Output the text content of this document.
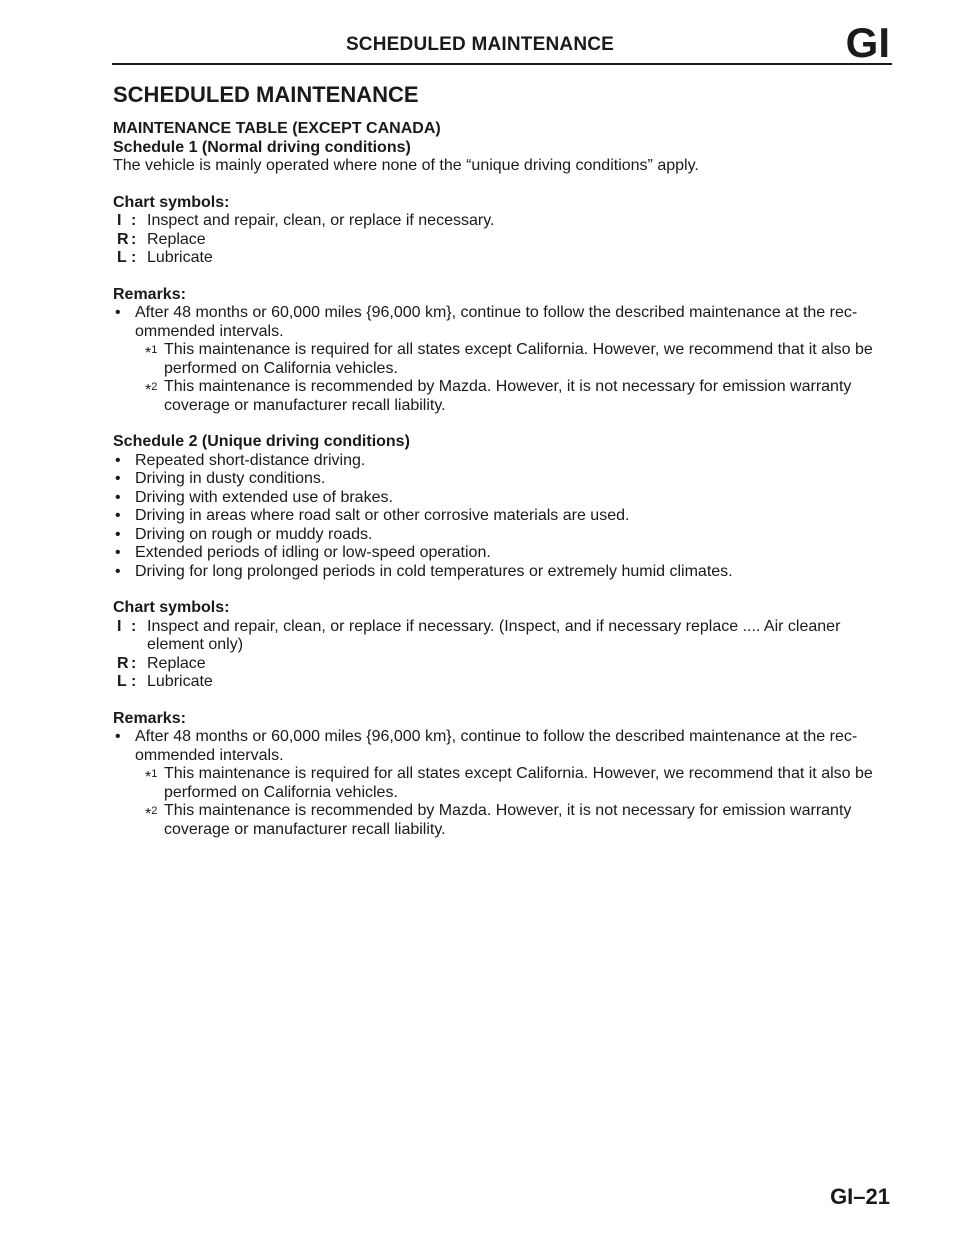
SCHEDULED MAINTENANCE	GI
SCHEDULED MAINTENANCE
MAINTENANCE TABLE (EXCEPT CANADA)
Schedule 1 (Normal driving conditions)
The vehicle is mainly operated where none of the “unique driving conditions” apply.
Chart symbols:
I : Inspect and repair, clean, or replace if necessary.
R : Replace
L : Lubricate
Remarks:
• After 48 months or 60,000 miles {96,000 km}, continue to follow the described maintenance at the rec-ommended intervals.
*$^1$ This maintenance is required for all states except California. However, we recommend that it also be performed on California vehicles.
*$^2$ This maintenance is recommended by Mazda. However, it is not necessary for emission warranty coverage or manufacturer recall liability.
Schedule 2 (Unique driving conditions)
• Repeated short-distance driving.
• Driving in dusty conditions.
• Driving with extended use of brakes.
• Driving in areas where road salt or other corrosive materials are used.
• Driving on rough or muddy roads.
• Extended periods of idling or low-speed operation.
• Driving for long prolonged periods in cold temperatures or extremely humid climates.
Chart symbols:
I : Inspect and repair, clean, or replace if necessary. (Inspect, and if necessary replace .... Air cleaner element only)
R : Replace
L : Lubricate
Remarks:
• After 48 months or 60,000 miles {96,000 km}, continue to follow the described maintenance at the rec-ommended intervals.
*$^1$ This maintenance is required for all states except California. However, we recommend that it also be performed on California vehicles.
*$^2$ This maintenance is recommended by Mazda. However, it is not necessary for emission warranty coverage or manufacturer recall liability.
GI–21
